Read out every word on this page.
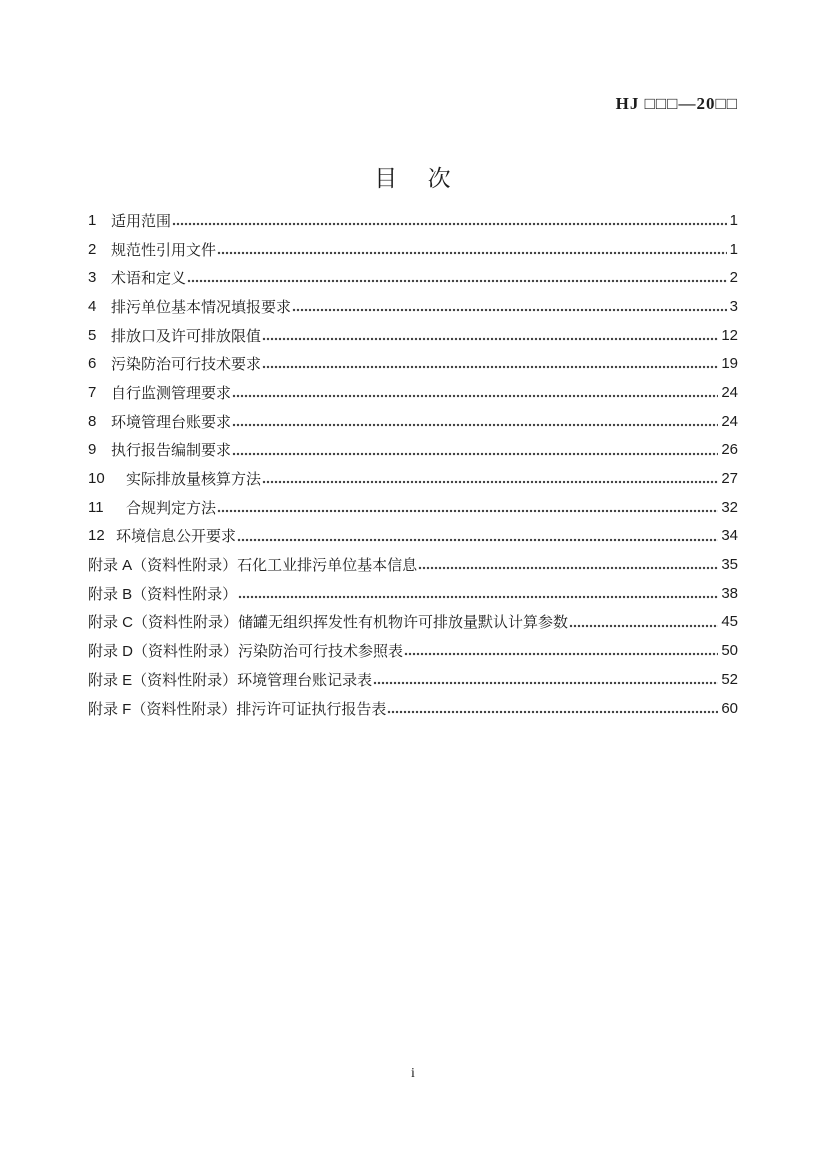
HJ □□□—20□□
目 次
1 适用范围	1
2 规范性引用文件	1
3 术语和定义	2
4 排污单位基本情况填报要求	3
5 排放口及许可排放限值	12
6 污染防治可行技术要求	19
7 自行监测管理要求	24
8 环境管理台账要求	24
9 执行报告编制要求	26
10	实际排放量核算方法	27
11	合规判定方法	32
12 环境信息公开要求	34
附录 A（资料性附录）石化工业排污单位基本信息	35
附录 B（资料性附录）	38
附录 C（资料性附录）储罐无组织挥发性有机物许可排放量默认计算参数	45
附录 D（资料性附录）污染防治可行技术参照表	50
附录 E（资料性附录）环境管理台账记录表	52
附录 F（资料性附录）排污许可证执行报告表	60
i
